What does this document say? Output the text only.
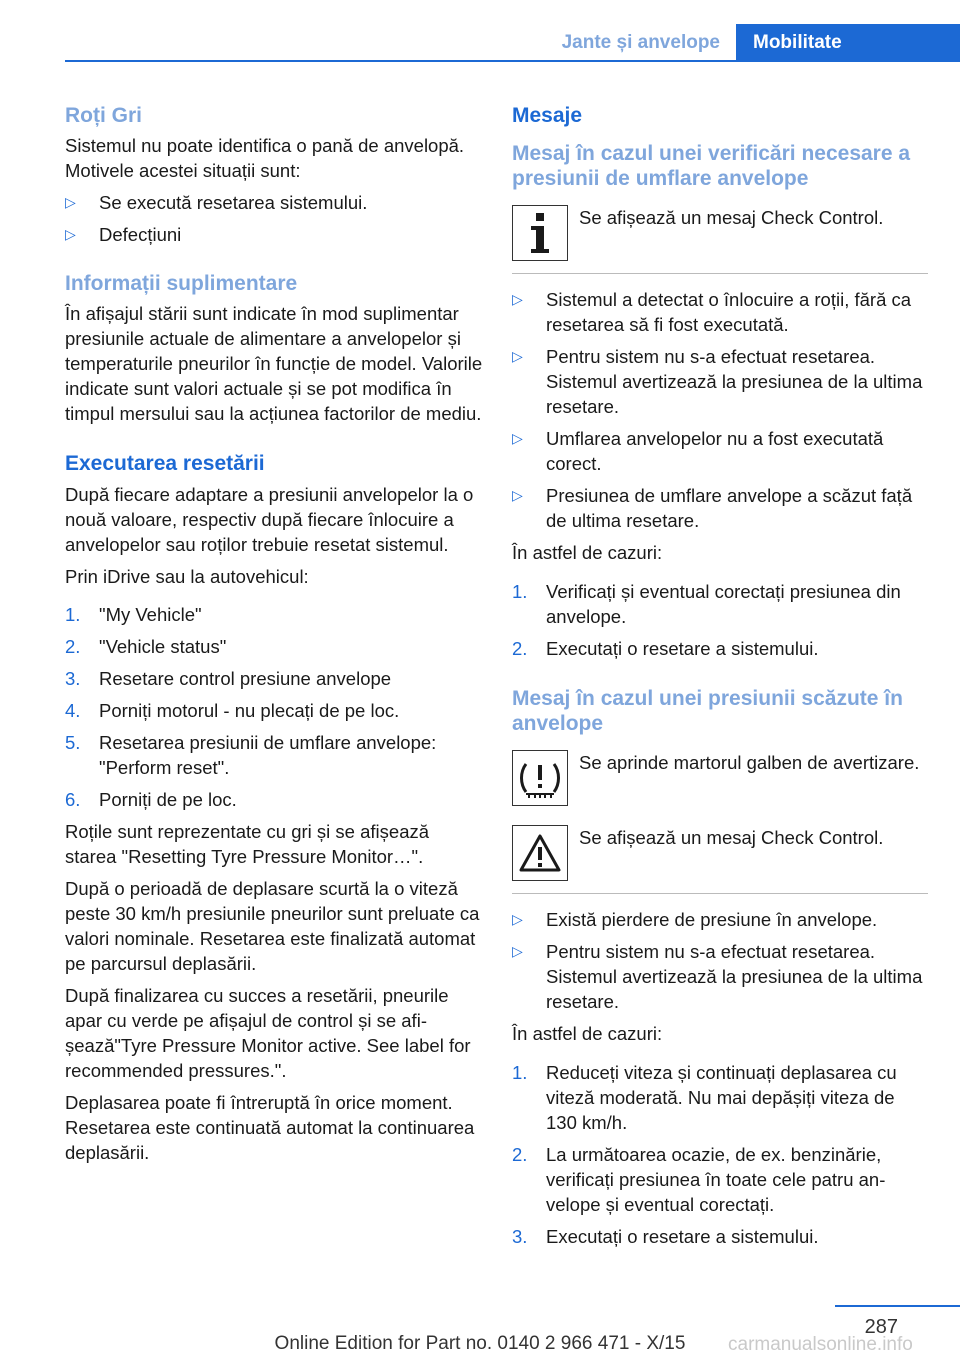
Jante și anvelope	Mobilitate
Roți Gri

Sistemul nu poate identifica o pană de anvelopă. Motivele acestei situații sunt:

▷ Se execută resetarea sistemului.
▷ Defecțiuni
Informații suplimentare

În afișajul stării sunt indicate în mod suplimentar presiunile actuale de alimentare a anvelopelor și temperaturile pneurilor în funcție de model. Valorile indicate sunt valori actuale și se pot modifica în timpul mersului sau la acțiunea factorilor de mediu.

Executarea resetării

După fiecare adaptare a presiunii anvelopelor la o nouă valoare, respectiv după fiecare înlocuire a anvelopelor sau roților trebuie resetat sistemul.

Prin iDrive sau la autovehicul:

1. "My Vehicle"
2. "Vehicle status"
3. Resetare control presiune anvelope
4. Porniți motorul - nu plecați de pe loc.
5. Resetarea presiunii de umflare anvelope: "Perform reset".
6. Porniți de pe loc.

Roțile sunt reprezentate cu gri și se afișează starea "Resetting Tyre Pressure Monitor…".

După o perioadă de deplasare scurtă la o viteză peste 30 km/h presiunile pneurilor sunt preluate ca valori nominale. Resetarea este finalizată automat pe parcursul deplasării.

După finalizarea cu succes a resetării, pneurile apar cu verde pe afișajul de control și se afișează"Tyre Pressure Monitor active. See label for recommended pressures.".

Deplasarea poate fi întreruptă în orice moment. Resetarea este continuată automat la continuarea deplasării.

Mesaje
Mesaj în cazul unei verificări necesare a presiunii de umflare anvelope
Se afișează un mesaj Check Control.
▷ Sistemul a detectat o înlocuire a roții, fără ca resetarea să fi fost executată.
▷ Pentru sistem nu s-a efectuat resetarea. Sistemul avertizează la presiunea de la ultima resetare.
▷ Umflarea anvelopelor nu a fost executată corect.
▷ Presiunea de umflare anvelope a scăzut față de ultima resetare.

În astfel de cazuri:

1. Verificați și eventual corectați presiunea din anvelope.
2. Executați o resetare a sistemului.
Mesaj în cazul unei presiunii scăzute în anvelope
Se aprinde martorul galben de avertizare.
Se afișează un mesaj Check Control.
▷ Există pierdere de presiune în anvelope.
▷ Pentru sistem nu s-a efectuat resetarea. Sistemul avertizează la presiunea de la ultima resetare.

În astfel de cazuri:

1. Reduceți viteza și continuați deplasarea cu viteză moderată. Nu mai depășiți viteza de 130 km/h.
2. La următoarea ocazie, de ex. benzinărie, verificați presiunea în toate cele patru anvelope și eventual corectați.
3. Executați o resetare a sistemului.
287
carmanualsonline.info
Online Edition for Part no. 0140 2 966 471 - X/15
